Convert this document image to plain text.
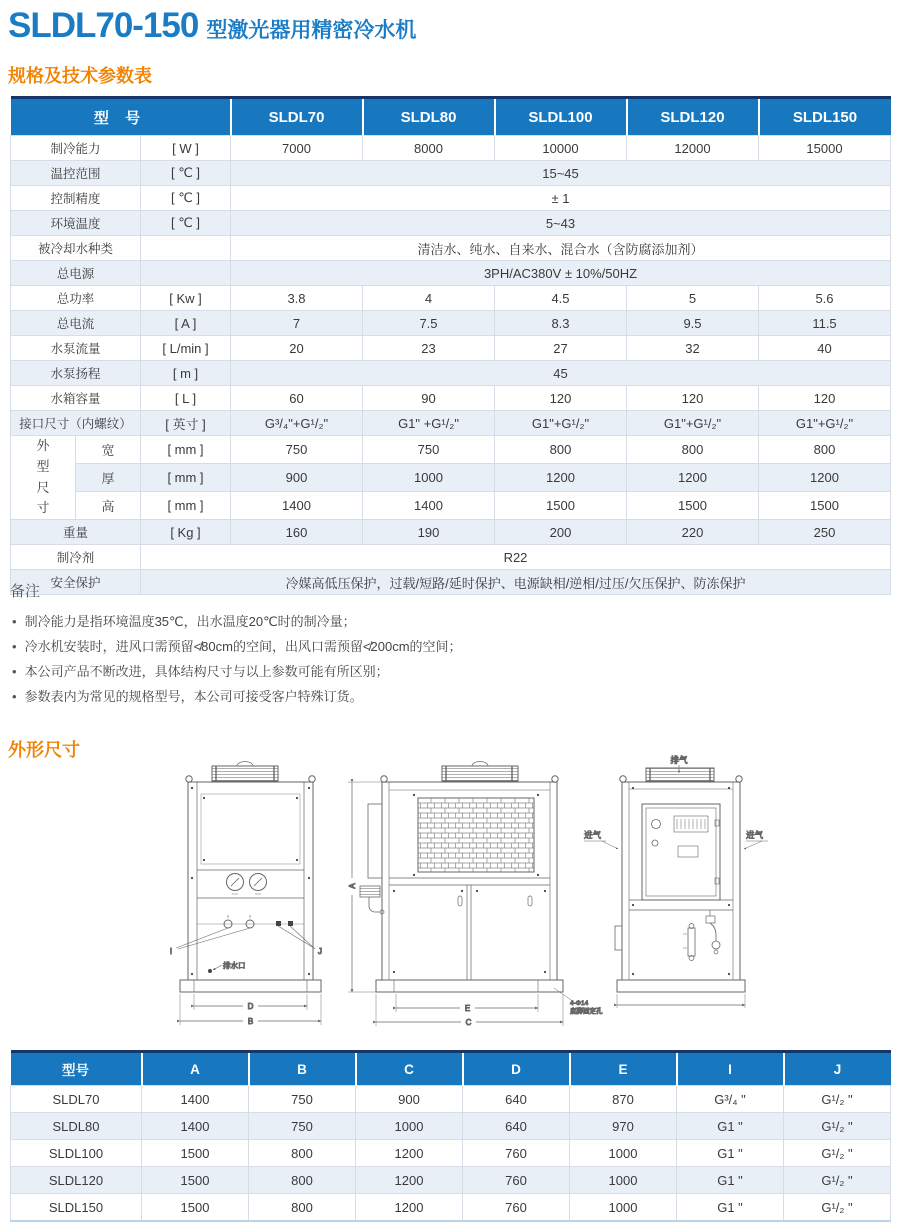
SLDL70-150 型激光器用精密冷水机
规格及技术参数表
型 号			SLDL70	SLDL80	SLDL100	SLDL120	SLDL150
制冷能力		[ W ]	7000	8000	10000	12000	15000
温控范围		[ ℃ ]	15~45				
控制精度		[ ℃ ]	± 1				
环境温度		[ ℃ ]	5~43				
被冷却水种类			清洁水、纯水、自来水、混合水（含防腐添加剂）				
总电源			3PH/AC380V ± 10%/50HZ				
总功率		[ Kw ]	3.8	4	4.5	5	5.6
总电流		[ A ]	7	7.5	8.3	9.5	11.5
水泵流量		[ L/min ]	20	23	27	32	40
水泵扬程		[ m ]	45				
水箱容量		[ L ]	60	90	120	120	120
接口尺寸（内螺纹）		[ 英寸 ]	G³/₄"+G¹/₂"	G1" +G¹/₂"	G1"+G¹/₂"	G1"+G¹/₂"	G1"+G¹/₂"

外型尺寸	宽	[ mm ]	750	750	800	800	800
	厚	[ mm ]	900	1000	1200	1200	1200
	高	[ mm ]	1400	1400	1500	1500	1500
重量		[ Kg ]	160	190	200	220	250
制冷剂		R22					
安全保护		冷媒高低压保护，过载/短路/延时保护、电源缺相/逆相/过压/欠压保护、防冻保护					
备注
• 制冷能力是指环境温度35℃，出水温度20℃时的制冷量；
• 冷水机安装时，进风口需预留≮80cm的空间，出风口需预留≮200cm的空间；
• 本公司产品不断改进，具体结构尺寸与以上参数可能有所区别；
• 参数表内为常见的规格型号，本公司可接受客户特殊订货。
外形尺寸
I	J
排水口
D
B
A
E
C
4-Φ14
底脚固定孔
排气
进气	进气
型号	A	B	C	D	E	I	J
SLDL70	1400	750	900	640	870	G³/₄ "	G¹/₂ "
SLDL80	1400	750	1000	640	970	G1 "	G¹/₂ "
SLDL100	1500	800	1200	760	1000	G1 "	G¹/₂ "
SLDL120	1500	800	1200	760	1000	G1 "	G¹/₂ "
SLDL150	1500	800	1200	760	1000	G1 "	G¹/₂ "
